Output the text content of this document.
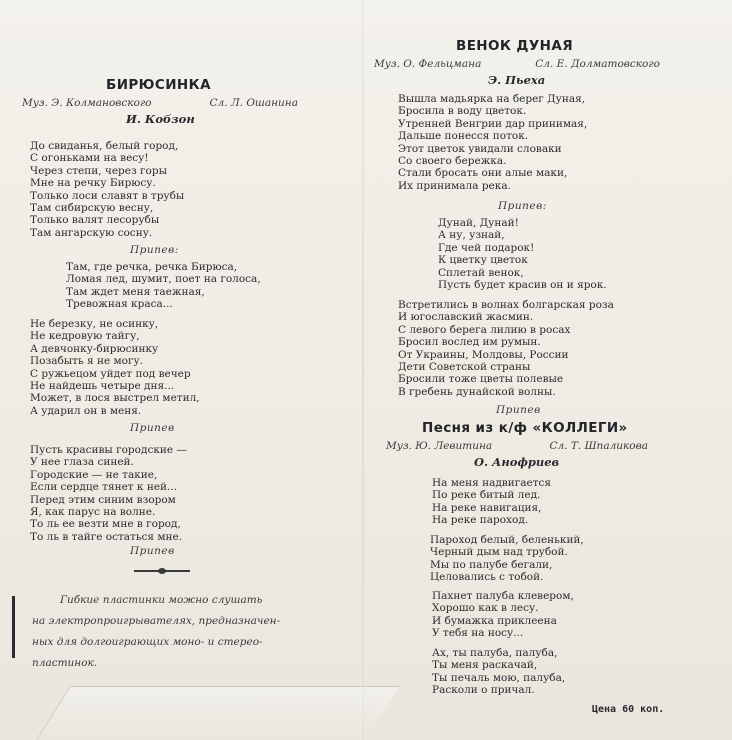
БИРЮСИНКА
Муз. Э. Колмановского	Сл. Л. Ошанина
И. Кобзон
До свиданья, белый город,
С огоньками на весу!
Через степи, через горы
Мне на речку Бирюсу.
Только лоси славят в трубы
Там сибирскую весну,
Только валят лесорубы
Там ангарскую сосну.
Припев:
Там, где речка, речка Бирюса,
Ломая лед, шумит, поет на голоса,
Там ждет меня таежная,
Тревожная краса...
Не березку, не осинку,
Не кедровую тайгу,
А девчонку-бирюсинку
Позабыть я не могу.
С ружьецом уйдет под вечер
Не найдешь четыре дня...
Может, в лося выстрел метил,
А ударил он в меня.
Припев
Пусть красивы городские —
У нее глаза синей.
Городские — не такие,
Если сердце тянет к ней...
Перед этим синим взором
Я, как парус на волне.
То ль ее везти мне в город,
То ль в тайге остаться мне.
Припев
Гибкие пластинки можно слушать
на электропроигрывателях, предназначен-
ных для долгоиграющих моно- и стерео-
пластинок.
ВЕНОК ДУНАЯ
Муз. О. Фельцмана	Сл. Е. Долматовского
Э. Пьеха
Вышла мадьярка на берег Дуная,
Бросила в воду цветок.
Утренней Венгрии дар принимая,
Дальше понесся поток.
Этот цветок увидали словаки
Со своего бережка.
Стали бросать они алые маки,
Их принимала река.
Припев:
Дунай, Дунай!
А ну, узнай,
Где чей подарок!
К цветку цветок
Сплетай венок,
Пусть будет красив он и ярок.
Встретились в волнах болгарская роза
И югославский жасмин.
С левого берега лилию в росах
Бросил вослед им румын.
От Украины, Молдовы, России
Дети Советской страны
Бросили тоже цветы полевые
В гребень дунайской волны.
Припев
Песня из к/ф «КОЛЛЕГИ»
Муз. Ю. Левитина	Сл. Т. Шпаликова
О. Анофриев
На меня надвигается
По реке битый лед.
На реке навигация,
На реке пароход.
Пароход белый, беленький,
Черный дым над трубой.
Мы по палубе бегали,
Целовались с тобой.
Пахнет палуба клевером,
Хорошо как в лесу.
И бумажка приклеена
У тебя на носу...
Ах, ты палуба, палуба,
Ты меня раскачай,
Ты печаль мою, палуба,
Расколи о причал.
Цена 60 коп.
